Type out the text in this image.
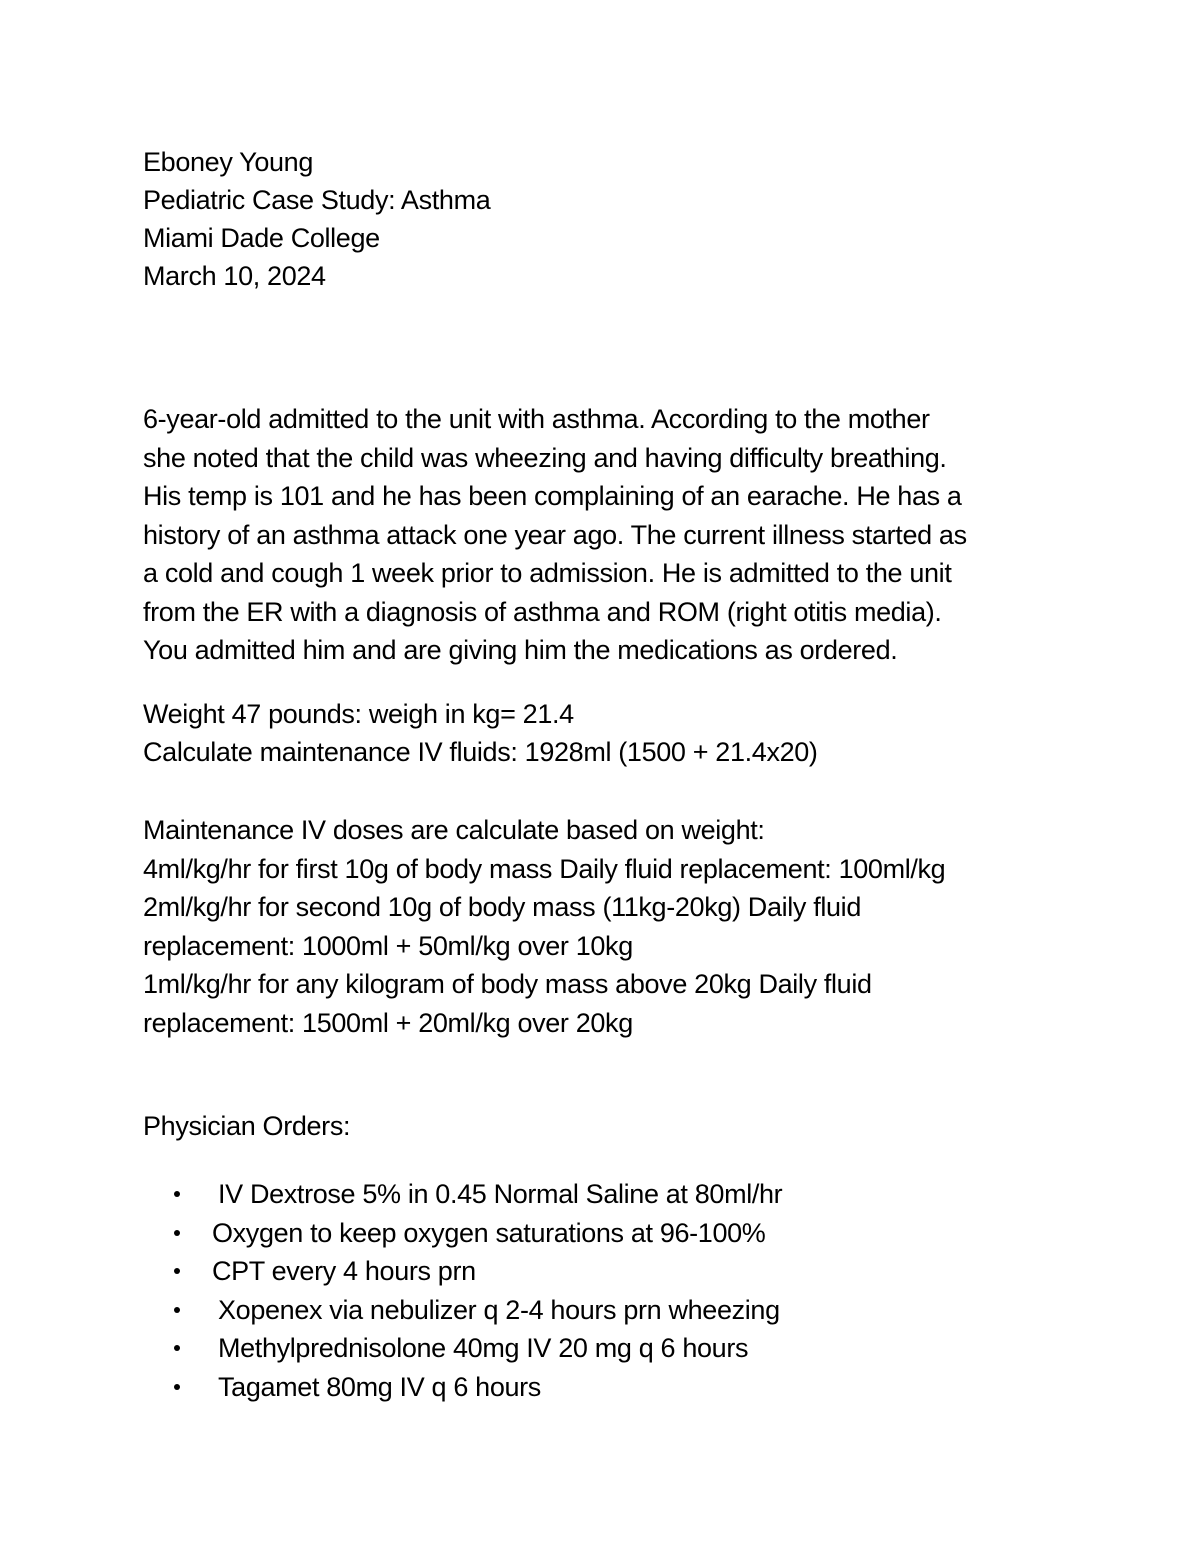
Eboney Young
Pediatric Case Study: Asthma
Miami Dade College
March 10, 2024
6-year-old admitted to the unit with asthma. According to the mother
she noted that the child was wheezing and having difficulty breathing.
His temp is 101 and he has been complaining of an earache. He has a
history of an asthma attack one year ago. The current illness started as
a cold and cough 1 week prior to admission. He is admitted to the unit
from the ER with a diagnosis of asthma and ROM (right otitis media).
You admitted him and are giving him the medications as ordered.
Weight 47 pounds: weigh in kg= 21.4
Calculate maintenance IV fluids: 1928ml (1500 + 21.4x20)
Maintenance IV doses are calculate based on weight:
4ml/kg/hr for first 10g of body mass Daily fluid replacement: 100ml/kg
2ml/kg/hr for second 10g of body mass (11kg-20kg) Daily fluid
replacement: 1000ml + 50ml/kg over 10kg
1ml/kg/hr for any kilogram of body mass above 20kg Daily fluid
replacement: 1500ml + 20ml/kg over 20kg
Physician Orders:
IV Dextrose 5% in 0.45 Normal Saline at 80ml/hr
Oxygen to keep oxygen saturations at 96-100%
CPT every 4 hours prn
Xopenex via nebulizer q 2-4 hours prn wheezing
Methylprednisolone 40mg IV 20 mg q 6 hours
Tagamet 80mg IV q 6 hours
